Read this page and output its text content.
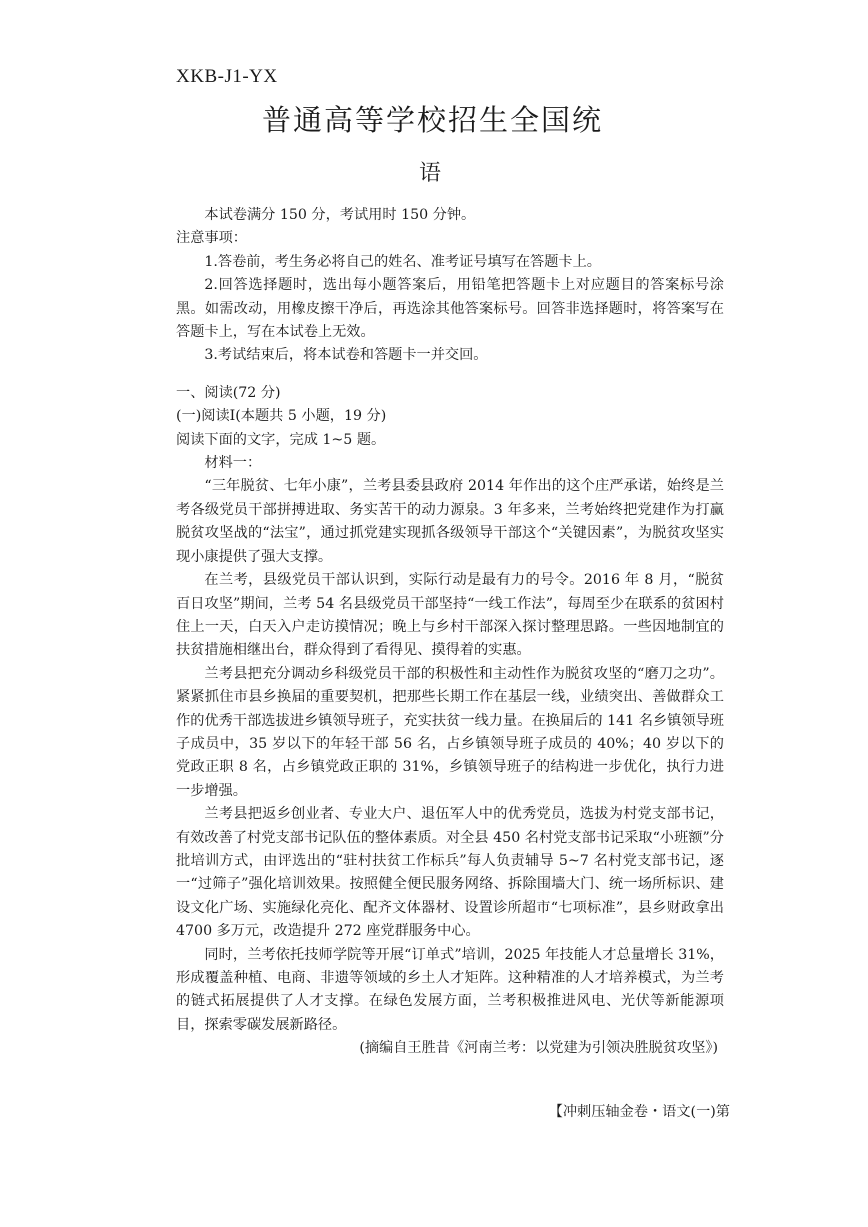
XKB-J1-YX
普通高等学校招生全国统
语

本试卷满分 150 分，考试用时 150 分钟。

注意事项：

1.答卷前，考生务必将自己的姓名、准考证号填写在答题卡上。

2.回答选择题时，选出每小题答案后，用铅笔把答题卡上对应题目的答案标号涂黑。如需改动，用橡皮擦干净后，再选涂其他答案标号。回答非选择题时，将答案写在答题卡上，写在本试卷上无效。

3.考试结束后，将本试卷和答题卡一并交回。

一、阅读(72 分)

(一)阅读Ⅰ(本题共 5 小题，19 分)

阅读下面的文字，完成 1~5 题。

材料一：

“三年脱贫、七年小康”，兰考县委县政府 2014 年作出的这个庄严承诺，始终是兰考各级党员干部拼搏进取、务实苦干的动力源泉。3 年多来，兰考始终把党建作为打赢脱贫攻坚战的“法宝”，通过抓党建实现抓各级领导干部这个“关键因素”，为脱贫攻坚实现小康提供了强大支撑。

在兰考，县级党员干部认识到，实际行动是最有力的号令。2016 年 8 月，“脱贫百日攻坚”期间，兰考 54 名县级党员干部坚持“一线工作法”，每周至少在联系的贫困村住上一天，白天入户走访摸情况；晚上与乡村干部深入探讨整理思路。一些因地制宜的扶贫措施相继出台，群众得到了看得见、摸得着的实惠。

兰考县把充分调动乡科级党员干部的积极性和主动性作为脱贫攻坚的“磨刀之功”。紧紧抓住市县乡换届的重要契机，把那些长期工作在基层一线，业绩突出、善做群众工作的优秀干部选拔进乡镇领导班子，充实扶贫一线力量。在换届后的 141 名乡镇领导班子成员中，35 岁以下的年轻干部 56 名，占乡镇领导班子成员的 40%；40 岁以下的党政正职 8 名，占乡镇党政正职的 31%，乡镇领导班子的结构进一步优化，执行力进一步增强。

兰考县把返乡创业者、专业大户、退伍军人中的优秀党员，选拔为村党支部书记，有效改善了村党支部书记队伍的整体素质。对全县 450 名村党支部书记采取“小班额”分批培训方式，由评选出的“驻村扶贫工作标兵”每人负责辅导 5~7 名村党支部书记，逐一“过筛子”强化培训效果。按照健全便民服务网络、拆除围墙大门、统一场所标识、建设文化广场、实施绿化亮化、配齐文体器材、设置诊所超市“七项标准”，县乡财政拿出 4700 多万元，改造提升 272 座党群服务中心。

同时，兰考依托技师学院等开展“订单式”培训，2025 年技能人才总量增长 31%，形成覆盖种植、电商、非遗等领域的乡土人才矩阵。这种精准的人才培养模式，为兰考的链式拓展提供了人才支撑。在绿色发展方面，兰考积极推进风电、光伏等新能源项目，探索零碳发展新路径。

(摘编自王胜昔《河南兰考：以党建为引领决胜脱贫攻坚》)

【冲刺压轴金卷・语文(一)第
